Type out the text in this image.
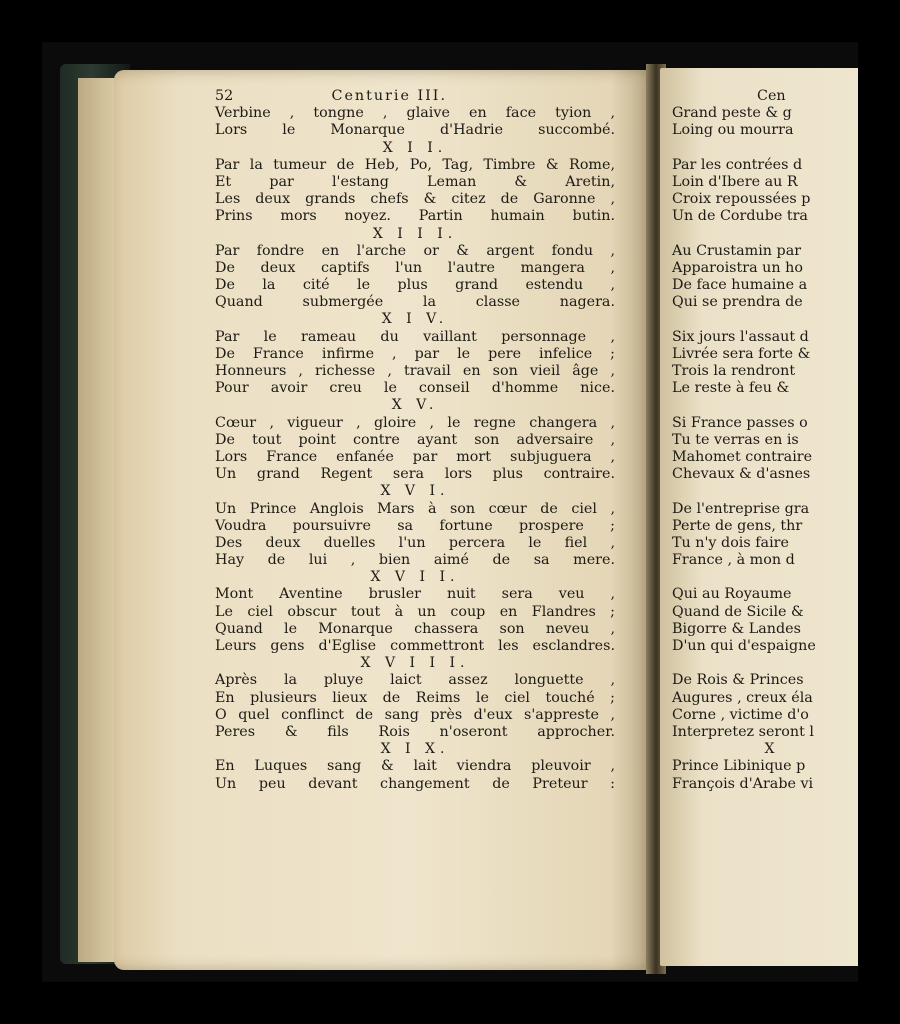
52	Centurie III.
Verbine , tongne , glaive en face tyion ,
Lors le Monarque d'Hadrie succombé.
X I I.
Par la tumeur de Heb, Po, Tag, Timbre & Rome,
Et par l'estang Leman & Aretin,
Les deux grands chefs & citez de Garonne ,
Prins mors noyez. Partin humain butin.
X I I I.
Par fondre en l'arche or & argent fondu ,
De deux captifs l'un l'autre mangera ,
De la cité le plus grand estendu ,
Quand submergée la classe nagera.
X I V.
Par le rameau du vaillant personnage ,
De France infirme , par le pere infelice ;
Honneurs , richesse , travail en son vieil âge ,
Pour avoir creu le conseil d'homme nice.
X V.
Cœur , vigueur , gloire , le regne changera ,
De tout point contre ayant son adversaire ,
Lors France enfanée par mort subjuguera ,
Un grand Regent sera lors plus contraire.
X V I.
Un Prince Anglois Mars à son cœur de ciel ,
Voudra poursuivre sa fortune prospere ;
Des deux duelles l'un percera le fiel ,
Hay de lui , bien aimé de sa mere.
X V I I.
Mont Aventine brusler nuit sera veu ,
Le ciel obscur tout à un coup en Flandres ;
Quand le Monarque chassera son neveu ,
Leurs gens d'Eglise commettront les esclandres.
X V I I I.
Après la pluye laict assez longuette ,
En plusieurs lieux de Reims le ciel touché ;
O quel conflinct de sang près d'eux s'appreste ,
Peres & fils Rois n'oseront approcher.
X I X.
En Luques sang & lait viendra pleuvoir ,
Un peu devant changement de Preteur :
Cen
Grand peste & g
Loing ou mourra
Par les contrées d
Loin d'Ibere au R
Croix repoussées p
Un de Cordube tra
Au Crustamin par
Apparoistra un ho
De face humaine a
Qui se prendra de
Six jours l'assaut d
Livrée sera forte &
Trois la rendront
Le reste à feu &
Si France passes o
Tu te verras en is
Mahomet contraire
Chevaux & d'asnes
De l'entreprise gra
Perte de gens, thr
Tu n'y dois faire
France , à mon d
Qui au Royaume
Quand de Sicile &
Bigorre & Landes
D'un qui d'espaigne
De Rois & Princes
Augures , creux éla
Corne , victime d'o
Interpretez seront l
X
Prince Libinique p
François d'Arabe vi
